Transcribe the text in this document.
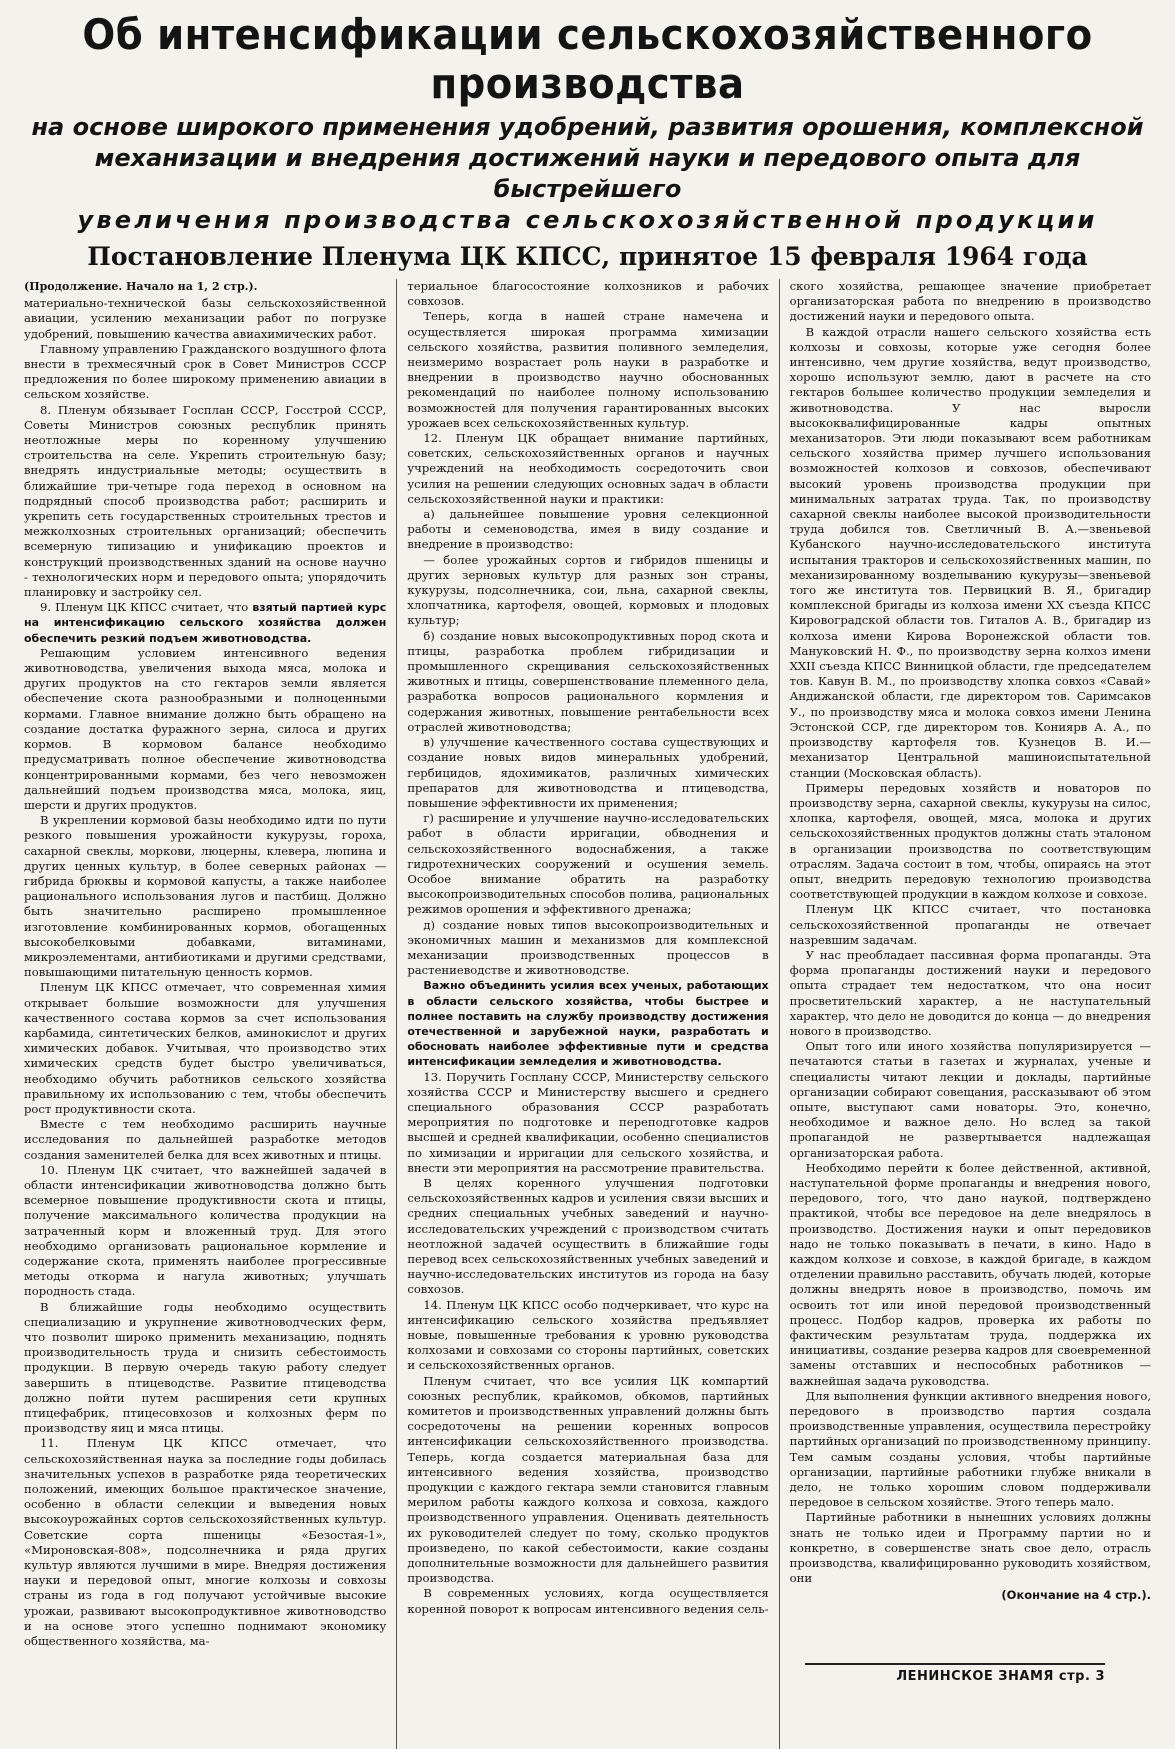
Об интенсификации сельскохозяйственного производства

на основе широкого применения удобрений, развития орошения, комплексной

механизации и внедрения достижений науки и передового опыта для быстрейшего

увеличения производства сельскохозяйственной продукции

Постановление Пленума ЦК КПСС, принятое 15 февраля 1964 года
(Продолжение. Начало на 1, 2 стр.).

материально-технической базы сельскохозяйственной авиации, усилению механизации работ по погрузке удобрений, повышению качества авиахимических работ.

Главному управлению Гражданского воздушного флота внести в трехмесячный срок в Совет Министров СССР предложения по более широкому применению авиации в сельском хозяйстве.

8. Пленум обязывает Госплан СССР, Госстрой СССР, Советы Министров союзных республик принять неотложные меры по коренному улучшению строительства на селе. Укрепить строительную базу; внедрять индустриальные методы; осуществить в ближайшие три-четыре года переход в основном на подрядный способ производства работ; расширить и укрепить сеть государственных строительных трестов и межколхозных строительных организаций; обеспечить всемерную типизацию и унификацию проектов и конструкций производственных зданий на основе научно - технологических норм и передового опыта; упорядочить планировку и застройку сел.

9. Пленум ЦК КПСС считает, что взятый партией курс на интенсификацию сельского хозяйства должен обеспечить резкий подъем животноводства.

Решающим условием интенсивного ведения животноводства, увеличения выхода мяса, молока и других продуктов на сто гектаров земли является обеспечение скота разнообразными и полноценными кормами. Главное внимание должно быть обращено на создание достатка фуражного зерна, силоса и других кормов. В кормовом балансе необходимо предусматривать полное обеспечение животноводства концентрированными кормами, без чего невозможен дальнейший подъем производства мяса, молока, яиц, шерсти и других продуктов.

В укреплении кормовой базы необходимо идти по пути резкого повышения урожайности кукурузы, гороха, сахарной свеклы, моркови, люцерны, клевера, люпина и других ценных культур, в более северных районах — гибрида брюквы и кормовой капусты, а также наиболее рационального использования лугов и пастбищ. Должно быть значительно расширено промышленное изготовление комбинированных кормов, обогащенных высокобелковыми добавками, витаминами, микроэлементами, антибиотиками и другими средствами, повышающими питательную ценность кормов.

Пленум ЦК КПСС отмечает, что современная химия открывает большие возможности для улучшения качественного состава кормов за счет использования карбамида, синтетических белков, аминокислот и других химических добавок. Учитывая, что производство этих химических средств будет быстро увеличиваться, необходимо обучить работников сельского хозяйства правильному их использованию с тем, чтобы обеспечить рост продуктивности скота.

Вместе с тем необходимо расширить научные исследования по дальнейшей разработке методов создания заменителей белка для всех животных и птицы.

10. Пленум ЦК считает, что важнейшей задачей в области интенсификации животноводства должно быть всемерное повышение продуктивности скота и птицы, получение максимального количества продукции на затраченный корм и вложенный труд. Для этого необходимо организовать рациональное кормление и содержание скота, применять наиболее прогрессивные методы откорма и нагула животных; улучшать породность стада.

В ближайшие годы необходимо осуществить специализацию и укрупнение животноводческих ферм, что позволит широко применить механизацию, поднять производительность труда и снизить себестоимость продукции. В первую очередь такую работу следует завершить в птицеводстве. Развитие птицеводства должно пойти путем расширения сети крупных птицефабрик, птицесовхозов и колхозных ферм по производству яиц и мяса птицы.

11. Пленум ЦК КПСС отмечает, что сельскохозяйственная наука за последние годы добилась значительных успехов в разработке ряда теоретических положений, имеющих большое практическое значение, особенно в области селекции и выведения новых высокоурожайных сортов сельскохозяйственных культур. Советские сорта пшеницы «Безостая-1», «Мироновская-808», подсолнечника и ряда других культур являются лучшими в мире. Внедряя достижения науки и передовой опыт, многие колхозы и совхозы страны из года в год получают устойчивые высокие урожаи, развивают высокопродуктивное животноводство и на основе этого успешно поднимают экономику общественного хозяйства, ма-

териальное благосостояние колхозников и рабочих совхозов.

Теперь, когда в нашей стране намечена и осуществляется широкая программа химизации сельского хозяйства, развития поливного земледелия, неизмеримо возрастает роль науки в разработке и внедрении в производство научно обоснованных рекомендаций по наиболее полному использованию возможностей для получения гарантированных высоких урожаев всех сельскохозяйственных культур.

12. Пленум ЦК обращает внимание партийных, советских, сельскохозяйственных органов и научных учреждений на необходимость сосредоточить свои усилия на решении следующих основных задач в области сельскохозяйственной науки и практики:

а) дальнейшее повышение уровня селекционной работы и семеноводства, имея в виду создание и внедрение в производство:

— более урожайных сортов и гибридов пшеницы и других зерновых культур для разных зон страны, кукурузы, подсолнечника, сои, льна, сахарной свеклы, хлопчатника, картофеля, овощей, кормовых и плодовых культур;

б) создание новых высокопродуктивных пород скота и птицы, разработка проблем гибридизации и промышленного скрещивания сельскохозяйственных животных и птицы, совершенствование племенного дела, разработка вопросов рационального кормления и содержания животных, повышение рентабельности всех отраслей животноводства;

в) улучшение качественного состава существующих и создание новых видов минеральных удобрений, гербицидов, ядохимикатов, различных химических препаратов для животноводства и птицеводства, повышение эффективности их применения;

г) расширение и улучшение научно-исследовательских работ в области ирригации, обводнения и сельскохозяйственного водоснабжения, а также гидротехнических сооружений и осушения земель. Особое внимание обратить на разработку высокопроизводительных способов полива, рациональных режимов орошения и эффективного дренажа;

д) создание новых типов высокопроизводительных и экономичных машин и механизмов для комплексной механизации производственных процессов в растениеводстве и животноводстве.

Важно объединить усилия всех ученых, работающих в области сельского хозяйства, чтобы быстрее и полнее поставить на службу производству достижения отечественной и зарубежной науки, разработать и обосновать наиболее эффективные пути и средства интенсификации земледелия и животноводства.

13. Поручить Госплану СССР, Министерству сельского хозяйства СССР и Министерству высшего и среднего специального образования СССР разработать мероприятия по подготовке и переподготовке кадров высшей и средней квалификации, особенно специалистов по химизации и ирригации для сельского хозяйства, и внести эти мероприятия на рассмотрение правительства.

В целях коренного улучшения подготовки сельскохозяйственных кадров и усиления связи высших и средних специальных учебных заведений и научно-исследовательских учреждений с производством считать неотложной задачей осуществить в ближайшие годы перевод всех сельскохозяйственных учебных заведений и научно-исследовательских институтов из города на базу совхозов.

14. Пленум ЦК КПСС особо подчеркивает, что курс на интенсификацию сельского хозяйства предъявляет новые, повышенные требования к уровню руководства колхозами и совхозами со стороны партийных, советских и сельскохозяйственных органов.

Пленум считает, что все усилия ЦК компартий союзных республик, крайкомов, обкомов, партийных комитетов и производственных управлений должны быть сосредоточены на решении коренных вопросов интенсификации сельскохозяйственного производства. Теперь, когда создается материальная база для интенсивного ведения хозяйства, производство продукции с каждого гектара земли становится главным мерилом работы каждого колхоза и совхоза, каждого производственного управления. Оценивать деятельность их руководителей следует по тому, сколько продуктов произведено, по какой себестоимости, какие созданы дополнительные возможности для дальнейшего развития производства.

В современных условиях, когда осуществляется коренной поворот к вопросам интенсивного ведения сель-

ского хозяйства, решающее значение приобретает организаторская работа по внедрению в производство достижений науки и передового опыта.

В каждой отрасли нашего сельского хозяйства есть колхозы и совхозы, которые уже сегодня более интенсивно, чем другие хозяйства, ведут производство, хорошо используют землю, дают в расчете на сто гектаров большее количество продукции земледелия и животноводства. У нас выросли высококвалифицированные кадры опытных механизаторов. Эти люди показывают всем работникам сельского хозяйства пример лучшего использования возможностей колхозов и совхозов, обеспечивают высокий уровень производства продукции при минимальных затратах труда. Так, по производству сахарной свеклы наиболее высокой производительности труда добился тов. Светличный В. А.—звеньевой Кубанского научно-исследовательского института испытания тракторов и сельскохозяйственных машин, по механизированному возделыванию кукурузы—звеньевой того же института тов. Первицкий В. Я., бригадир комплексной бригады из колхоза имени XX съезда КПСС Кировоградской области тов. Гиталов А. В., бригадир из колхоза имени Кирова Воронежской области тов. Мануковский Н. Ф., по производству зерна колхоз имени XXII съезда КПСС Винницкой области, где председателем тов. Кавун В. М., по производству хлопка совхоз «Савай» Андижанской области, где директором тов. Саримсаков У., по производству мяса и молока совхоз имени Ленина Эстонской ССР, где директором тов. Кониярв А. А., по производству картофеля тов. Кузнецов В. И.—механизатор Центральной машиноиспытательной станции (Московская область).

Примеры передовых хозяйств и новаторов по производству зерна, сахарной свеклы, кукурузы на силос, хлопка, картофеля, овощей, мяса, молока и других сельскохозяйственных продуктов должны стать эталоном в организации производства по соответствующим отраслям. Задача состоит в том, чтобы, опираясь на этот опыт, внедрить передовую технологию производства соответствующей продукции в каждом колхозе и совхозе.

Пленум ЦК КПСС считает, что постановка сельскохозяйственной пропаганды не отвечает назревшим задачам.

У нас преобладает пассивная форма пропаганды. Эта форма пропаганды достижений науки и передового опыта страдает тем недостатком, что она носит просветительский характер, а не наступательный характер, что дело не доводится до конца — до внедрения нового в производство.

Опыт того или иного хозяйства популяризируется — печатаются статьи в газетах и журналах, ученые и специалисты читают лекции и доклады, партийные организации собирают совещания, рассказывают об этом опыте, выступают сами новаторы. Это, конечно, необходимое и важное дело. Но вслед за такой пропагандой не развертывается надлежащая организаторская работа.

Необходимо перейти к более действенной, активной, наступательной форме пропаганды и внедрения нового, передового, того, что дано наукой, подтверждено практикой, чтобы все передовое на деле внедрялось в производство. Достижения науки и опыт передовиков надо не только показывать в печати, в кино. Надо в каждом колхозе и совхозе, в каждой бригаде, в каждом отделении правильно расставить, обучать людей, которые должны внедрять новое в производство, помочь им освоить тот или иной передовой производственный процесс. Подбор кадров, проверка их работы по фактическим результатам труда, поддержка их инициативы, создание резерва кадров для своевременной замены отставших и неспособных работников — важнейшая задача руководства.

Для выполнения функции активного внедрения нового, передового в производство партия создала производственные управления, осуществила перестройку партийных организаций по производственному принципу. Тем самым созданы условия, чтобы партийные организации, партийные работники глубже вникали в дело, не только хорошим словом поддерживали передовое в сельском хозяйстве. Этого теперь мало.

Партийные работники в нынешних условиях должны знать не только идеи и Программу партии но и конкретно, в совершенстве знать свое дело, отрасль производства, квалифицированно руководить хозяйством, они

(Окончание на 4 стр.).
ЛЕНИНСКОЕ ЗНАМЯ стр. 3
